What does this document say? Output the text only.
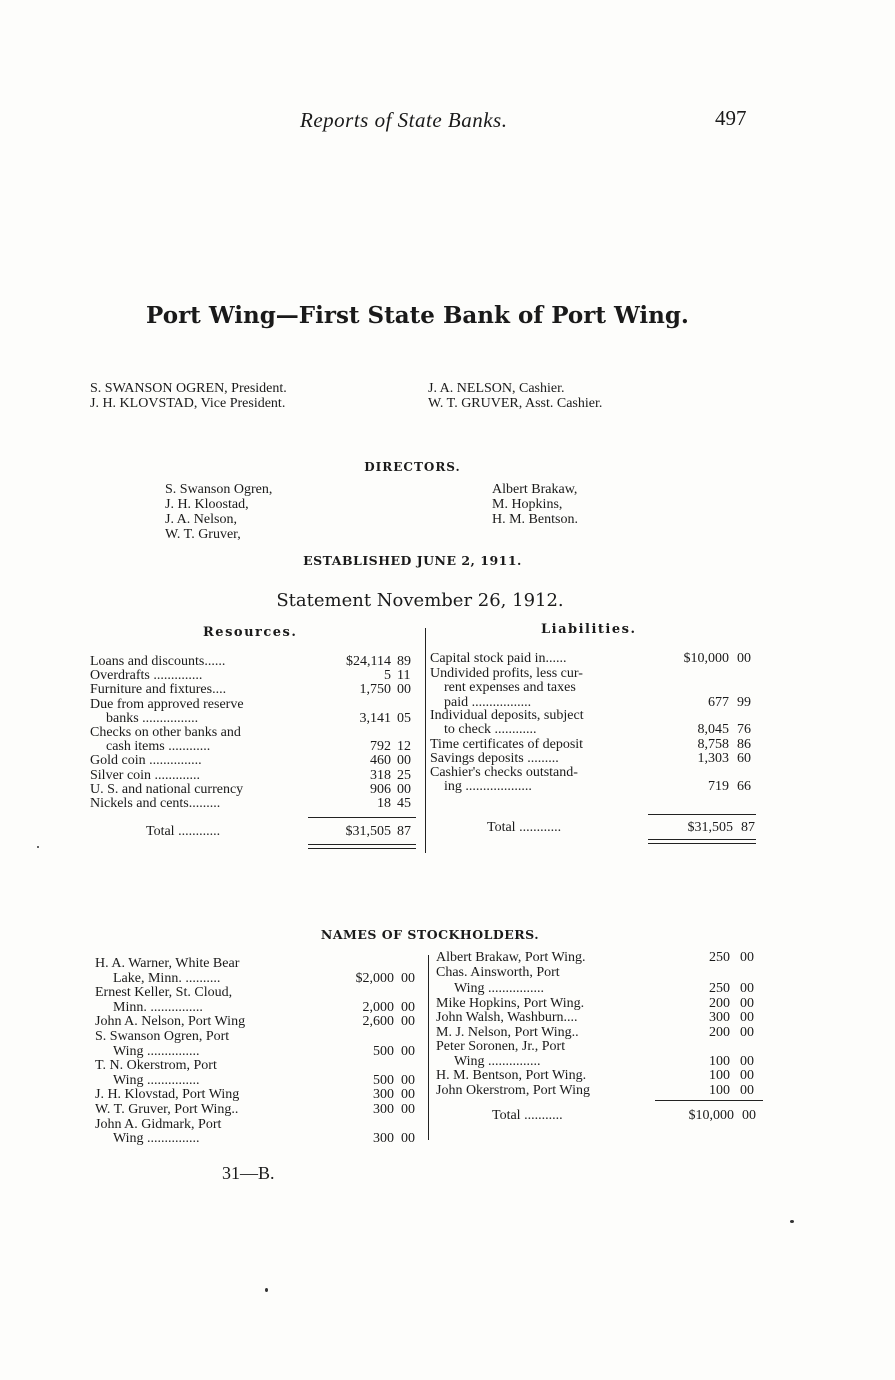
Reports of State Banks.	497
Port Wing—First State Bank of Port Wing.
S. SWANSON OGREN, President.
J. H. KLOVSTAD, Vice President.
J. A. NELSON, Cashier.
W. T. GRUVER, Asst. Cashier.
DIRECTORS.
S. Swanson Ogren,
J. H. Kloostad,
J. A. Nelson,
W. T. Gruver,
Albert Brakaw,
M. Hopkins,
H. M. Bentson.
ESTABLISHED JUNE 2, 1911.
Statement November 26, 1912.
Resources.	Liabilities.
Loans and discounts......	$24,114 89
Overdrafts ..............	5 11
Furniture and fixtures....	1,750 00
Due from approved reserve
banks ................	3,141 05
Checks on other banks and
cash items ............	792 12
Gold coin ...............	460 00
Silver coin .............	318 25
U. S. and national currency	906 00
Nickels and cents.........	18 45
Total ............	$31,505 87
Capital stock paid in......	$10,000 00
Undivided profits, less cur-
rent expenses and taxes
paid .................	677 99
Individual deposits, subject
to check ............	8,045 76
Time certificates of deposit	8,758 86
Savings deposits .........	1,303 60
Cashier's checks outstand-
ing ...................	719 66
Total ............	$31,505 87
NAMES OF STOCKHOLDERS.
H. A. Warner, White Bear
Lake, Minn. ..........	$2,000 00
Ernest Keller, St. Cloud,
Minn. ...............	2,000 00
John A. Nelson, Port Wing	2,600 00
S. Swanson Ogren, Port
Wing ...............	500 00
T. N. Okerstrom, Port
Wing ...............	500 00
J. H. Klovstad, Port Wing	300 00
W. T. Gruver, Port Wing..	300 00
John A. Gidmark, Port
Wing ...............	300 00
Albert Brakaw, Port Wing.	250 00
Chas. Ainsworth, Port
Wing ................	250 00
Mike Hopkins, Port Wing.	200 00
John Walsh, Washburn....	300 00
M. J. Nelson, Port Wing..	200 00
Peter Soronen, Jr., Port
Wing ...............	100 00
H. M. Bentson, Port Wing.	100 00
John Okerstrom, Port Wing	100 00
Total ...........	$10,000 00
31—B.
